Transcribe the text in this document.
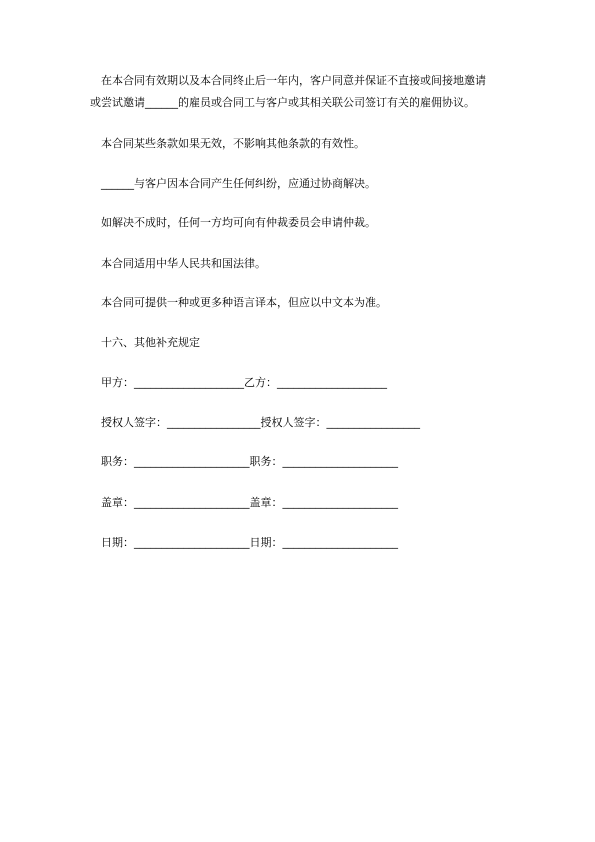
在本合同有效期以及本合同终止后一年内，客户同意并保证不直接或间接地邀请
或尝试邀请______的雇员或合同工与客户或其相关联公司签订有关的雇佣协议。

本合同某些条款如果无效，不影响其他条款的有效性。

______与客户因本合同产生任何纠纷，应通过协商解决。

如解决不成时，任何一方均可向有仲裁委员会申请仲裁。

本合同适用中华人民共和国法律。

本合同可提供一种或更多种语言译本，但应以中文本为准。

十六、其他补充规定

甲方：____________________乙方：____________________

授权人签字：_________________授权人签字：_________________

职务：_____________________职务：_____________________

盖章：_____________________盖章：_____________________

日期：_____________________日期：_____________________
